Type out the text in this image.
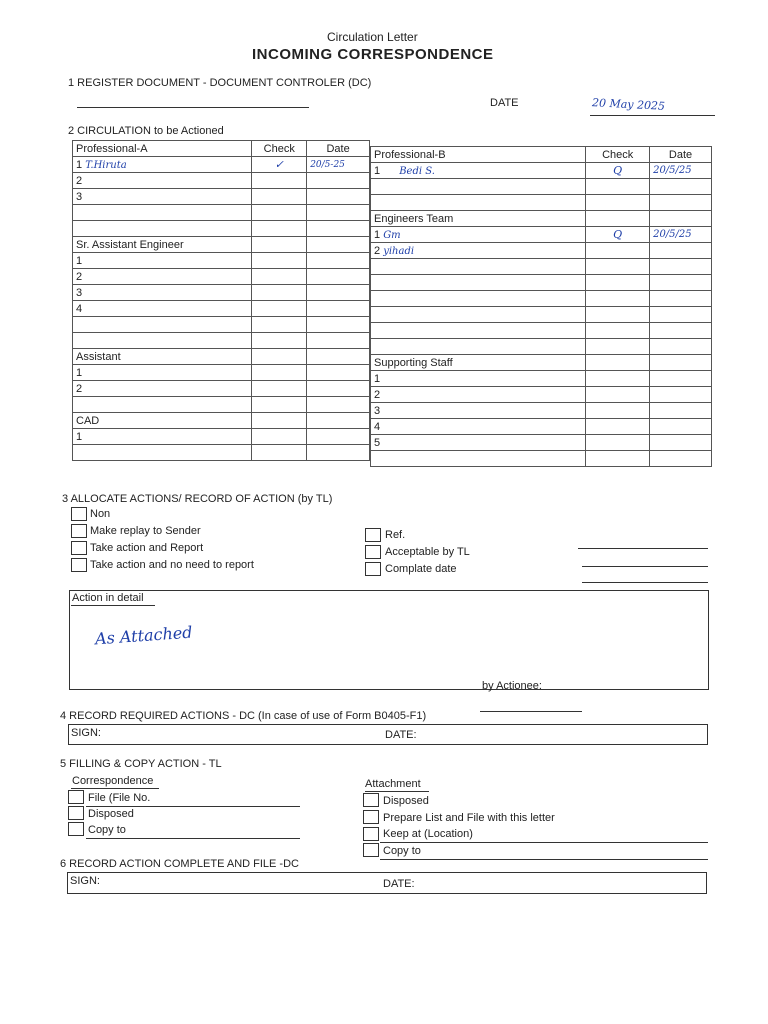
Circulation Letter
INCOMING CORRESPONDENCE
1 REGISTER DOCUMENT - DOCUMENT CONTROLER (DC)
DATE	20 May 2025
2 CIRCULATION to be Actioned
Professional-A	Check	Date
1 T.Hiruta	✓	20/5-25
2		
3		

Sr. Assistant Engineer		
1		
2		
3		
4		

Assistant		
1		
2		

CAD		
1		

Professional-B	Check	Date
1 Bedi S.	Q	20/5/25

Engineers Team		
1 Gm	Q	20/5/25
2 yihadi		

Supporting Staff		
1		
2		
3		
4		
5		

3 ALLOCATE ACTIONS/ RECORD OF ACTION (by TL)
Non
Make replay to Sender
Take action and Report
Take action and no need to report
Ref.
Acceptable by TL
Complate date
Action in detail
As Attached
by Actionee:
4 RECORD REQUIRED ACTIONS - DC (In case of use of Form B0405-F1)
SIGN:	DATE:
5 FILLING & COPY ACTION - TL
Correspondence
File (File No.
Disposed
Copy to
Attachment
Disposed
Prepare List and File with this letter
Keep at (Location)
Copy to
6 RECORD ACTION COMPLETE AND FILE -DC
SIGN:	DATE:
